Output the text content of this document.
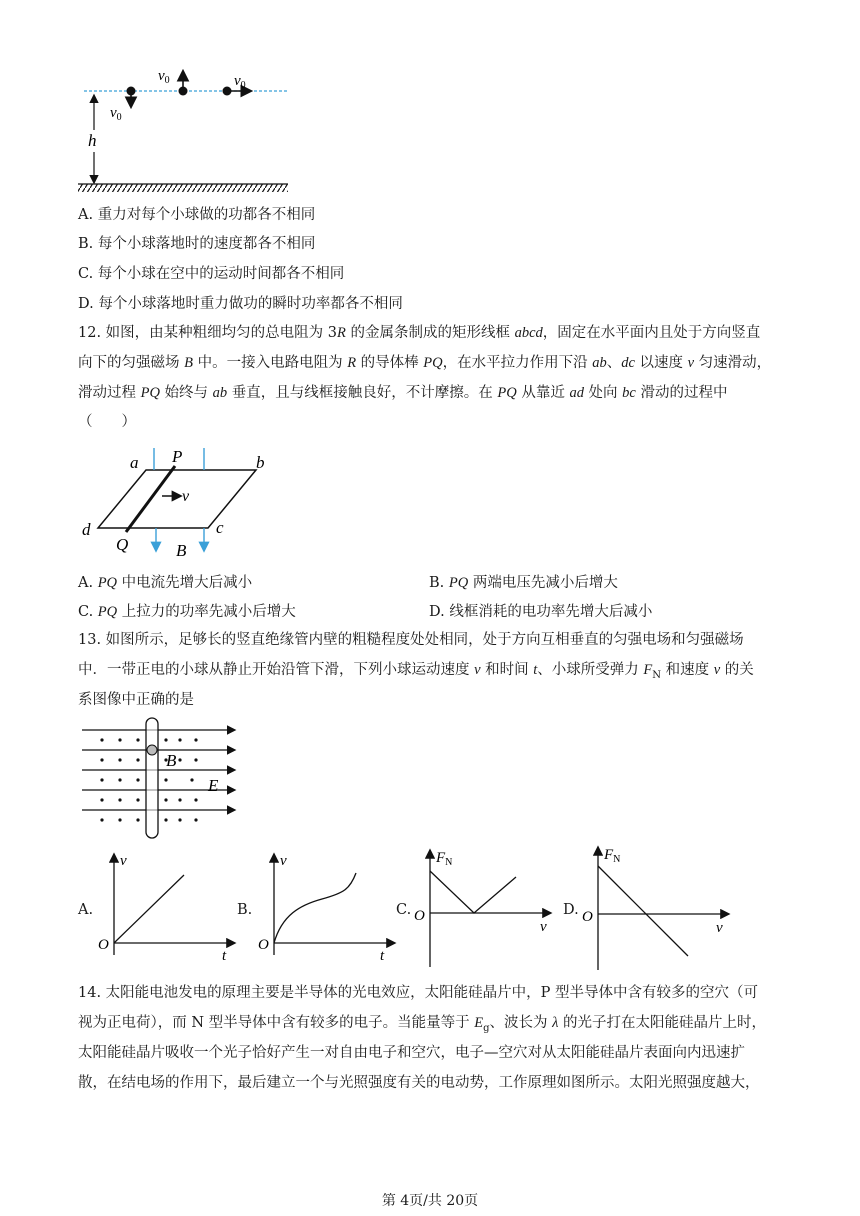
$v_0$	$v_0$
$v_0$
h
A. 重力对每个小球做的功都各不相同
B. 每个小球落地时的速度都各不相同
C. 每个小球在空中的运动时间都各不相同
D. 每个小球落地时重力做功的瞬时功率都各不相同
12. 如图，由某种粗细均匀的总电阻为 3R 的金属条制成的矩形线框 abcd，固定在水平面内且处于方向竖直
向下的匀强磁场 B 中。一接入电路电阻为 R 的导体棒 PQ，在水平拉力作用下沿 ab、dc 以速度 v 匀速滑动，
滑动过程 PQ 始终与 ab 垂直，且与线框接触良好，不计摩擦。在 PQ 从靠近 ad 处向 bc 滑动的过程中
（　　）
a P	b
v
d
Q
c
B
A. PQ 中电流先增大后减小	B. PQ 两端电压先减小后增大
C. PQ 上拉力的功率先减小后增大	D. 线框消耗的电功率先增大后减小
13. 如图所示，足够长的竖直绝缘管内壁的粗糙程度处处相同，处于方向互相垂直的匀强电场和匀强磁场
中．一带正电的小球从静止开始沿管下滑，下列小球运动速度 v 和时间 t、小球所受弹力 $F_N$ 和速度 v 的关
系图像中正确的是
B
E
A.
v
t
O
B.
v
t
O
C.
$F_N$
v
O	D.
$F_N$
v
O
14. 太阳能电池发电的原理主要是半导体的光电效应，太阳能硅晶片中，P 型半导体中含有较多的空穴（可
视为正电荷），而 N 型半导体中含有较多的电子。当能量等于 $E_g$、波长为 λ 的光子打在太阳能硅晶片上时，
太阳能硅晶片吸收一个光子恰好产生一对自由电子和空穴，电子—空穴对从太阳能硅晶片表面向内迅速扩
散，在结电场的作用下，最后建立一个与光照强度有关的电动势，工作原理如图所示。太阳光照强度越大，
第 4页/共 20页
